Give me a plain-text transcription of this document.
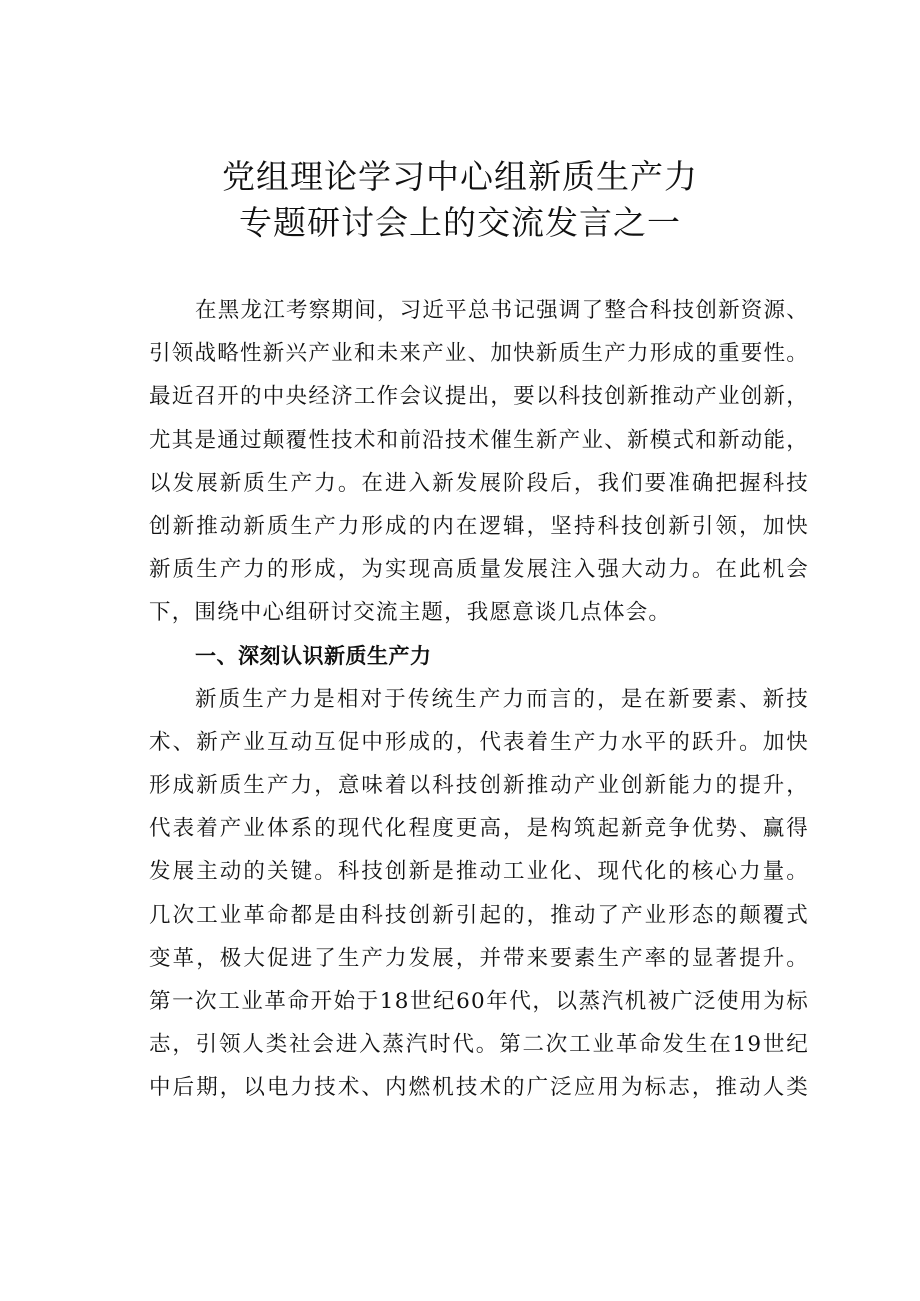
党组理论学习中心组新质生产力
专题研讨会上的交流发言之一
在黑龙江考察期间，习近平总书记强调了整合科技创新资源、
引领战略性新兴产业和未来产业、加快新质生产力形成的重要性。
最近召开的中央经济工作会议提出，要以科技创新推动产业创新，
尤其是通过颠覆性技术和前沿技术催生新产业、新模式和新动能，
以发展新质生产力。在进入新发展阶段后，我们要准确把握科技
创新推动新质生产力形成的内在逻辑，坚持科技创新引领，加快
新质生产力的形成，为实现高质量发展注入强大动力。在此机会
下，围绕中心组研讨交流主题，我愿意谈几点体会。
一、深刻认识新质生产力
新质生产力是相对于传统生产力而言的，是在新要素、新技
术、新产业互动互促中形成的，代表着生产力水平的跃升。加快
形成新质生产力，意味着以科技创新推动产业创新能力的提升，
代表着产业体系的现代化程度更高，是构筑起新竞争优势、赢得
发展主动的关键。科技创新是推动工业化、现代化的核心力量。
几次工业革命都是由科技创新引起的，推动了产业形态的颠覆式
变革，极大促进了生产力发展，并带来要素生产率的显著提升。
第一次工业革命开始于18世纪60年代，以蒸汽机被广泛使用为标
志，引领人类社会进入蒸汽时代。第二次工业革命发生在19世纪
中后期，以电力技术、内燃机技术的广泛应用为标志，推动人类
